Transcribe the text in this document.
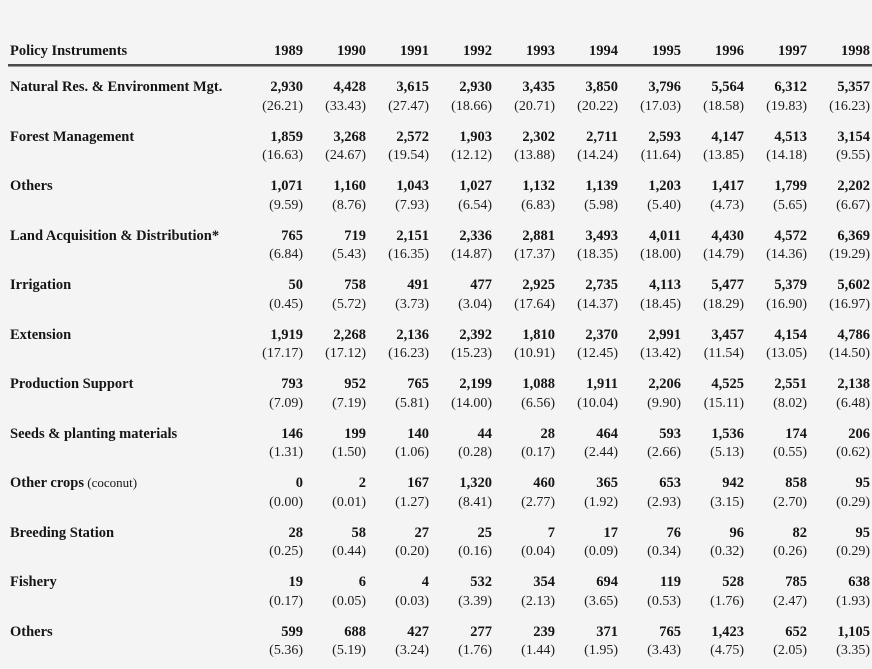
Policy Instruments	1989	1990	1991	1992	1993	1994	1995	1996	1997	1998

Natural Res. & Environment Mgt.	2,930	4,428	3,615	2,930	3,435	3,850	3,796	5,564	6,312	5,357
	(26.21)	(33.43)	(27.47)	(18.66)	(20.71)	(20.22)	(17.03)	(18.58)	(19.83)	(16.23)
Forest Management	1,859	3,268	2,572	1,903	2,302	2,711	2,593	4,147	4,513	3,154
	(16.63)	(24.67)	(19.54)	(12.12)	(13.88)	(14.24)	(11.64)	(13.85)	(14.18)	(9.55)
Others	1,071	1,160	1,043	1,027	1,132	1,139	1,203	1,417	1,799	2,202
	(9.59)	(8.76)	(7.93)	(6.54)	(6.83)	(5.98)	(5.40)	(4.73)	(5.65)	(6.67)
Land Acquisition & Distribution*	765	719	2,151	2,336	2,881	3,493	4,011	4,430	4,572	6,369
	(6.84)	(5.43)	(16.35)	(14.87)	(17.37)	(18.35)	(18.00)	(14.79)	(14.36)	(19.29)
Irrigation	50	758	491	477	2,925	2,735	4,113	5,477	5,379	5,602
	(0.45)	(5.72)	(3.73)	(3.04)	(17.64)	(14.37)	(18.45)	(18.29)	(16.90)	(16.97)
Extension	1,919	2,268	2,136	2,392	1,810	2,370	2,991	3,457	4,154	4,786
	(17.17)	(17.12)	(16.23)	(15.23)	(10.91)	(12.45)	(13.42)	(11.54)	(13.05)	(14.50)
Production Support	793	952	765	2,199	1,088	1,911	2,206	4,525	2,551	2,138
	(7.09)	(7.19)	(5.81)	(14.00)	(6.56)	(10.04)	(9.90)	(15.11)	(8.02)	(6.48)
Seeds & planting materials	146	199	140	44	28	464	593	1,536	174	206
	(1.31)	(1.50)	(1.06)	(0.28)	(0.17)	(2.44)	(2.66)	(5.13)	(0.55)	(0.62)
Other crops (coconut)	0	2	167	1,320	460	365	653	942	858	95
	(0.00)	(0.01)	(1.27)	(8.41)	(2.77)	(1.92)	(2.93)	(3.15)	(2.70)	(0.29)
Breeding Station	28	58	27	25	7	17	76	96	82	95
	(0.25)	(0.44)	(0.20)	(0.16)	(0.04)	(0.09)	(0.34)	(0.32)	(0.26)	(0.29)
Fishery	19	6	4	532	354	694	119	528	785	638
	(0.17)	(0.05)	(0.03)	(3.39)	(2.13)	(3.65)	(0.53)	(1.76)	(2.47)	(1.93)
Others	599	688	427	277	239	371	765	1,423	652	1,105
	(5.36)	(5.19)	(3.24)	(1.76)	(1.44)	(1.95)	(3.43)	(4.75)	(2.05)	(3.35)
